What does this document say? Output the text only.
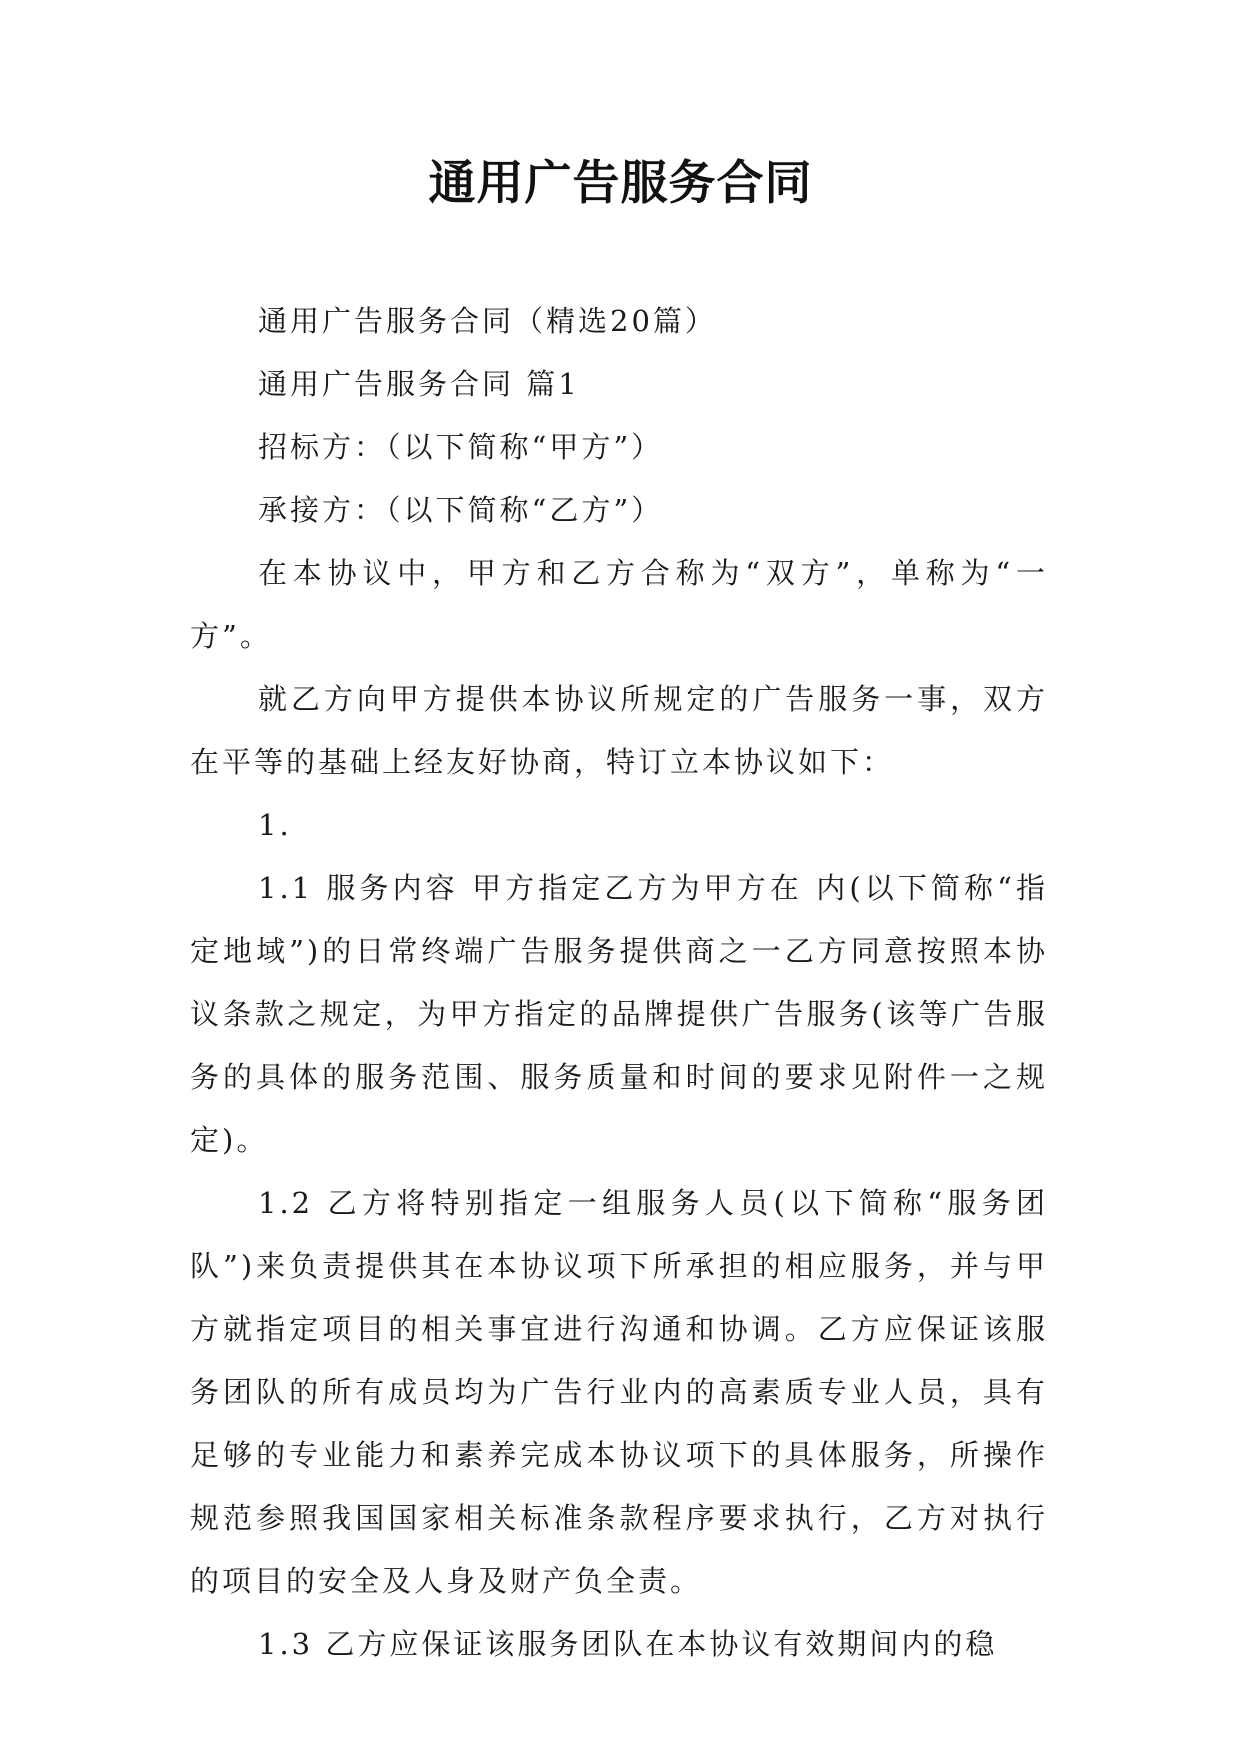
通用广告服务合同

通用广告服务合同（精选20篇）

通用广告服务合同 篇1

招标方：（以下简称“甲方”）

承接方：（以下简称“乙方”）

在本协议中，甲方和乙方合称为“双方”，单称为“一方”。

就乙方向甲方提供本协议所规定的广告服务一事，双方在平等的基础上经友好协商，特订立本协议如下：

1.

1.1 服务内容 甲方指定乙方为甲方在 内(以下简称“指定地域”)的日常终端广告服务提供商之一乙方同意按照本协议条款之规定，为甲方指定的品牌提供广告服务(该等广告服务的具体的服务范围、服务质量和时间的要求见附件一之规定)。

1.2 乙方将特别指定一组服务人员(以下简称“服务团队”)来负责提供其在本协议项下所承担的相应服务，并与甲方就指定项目的相关事宜进行沟通和协调。乙方应保证该服务团队的所有成员均为广告行业内的高素质专业人员，具有足够的专业能力和素养完成本协议项下的具体服务，所操作规范参照我国国家相关标准条款程序要求执行，乙方对执行的项目的安全及人身及财产负全责。

1.3 乙方应保证该服务团队在本协议有效期间内的稳
